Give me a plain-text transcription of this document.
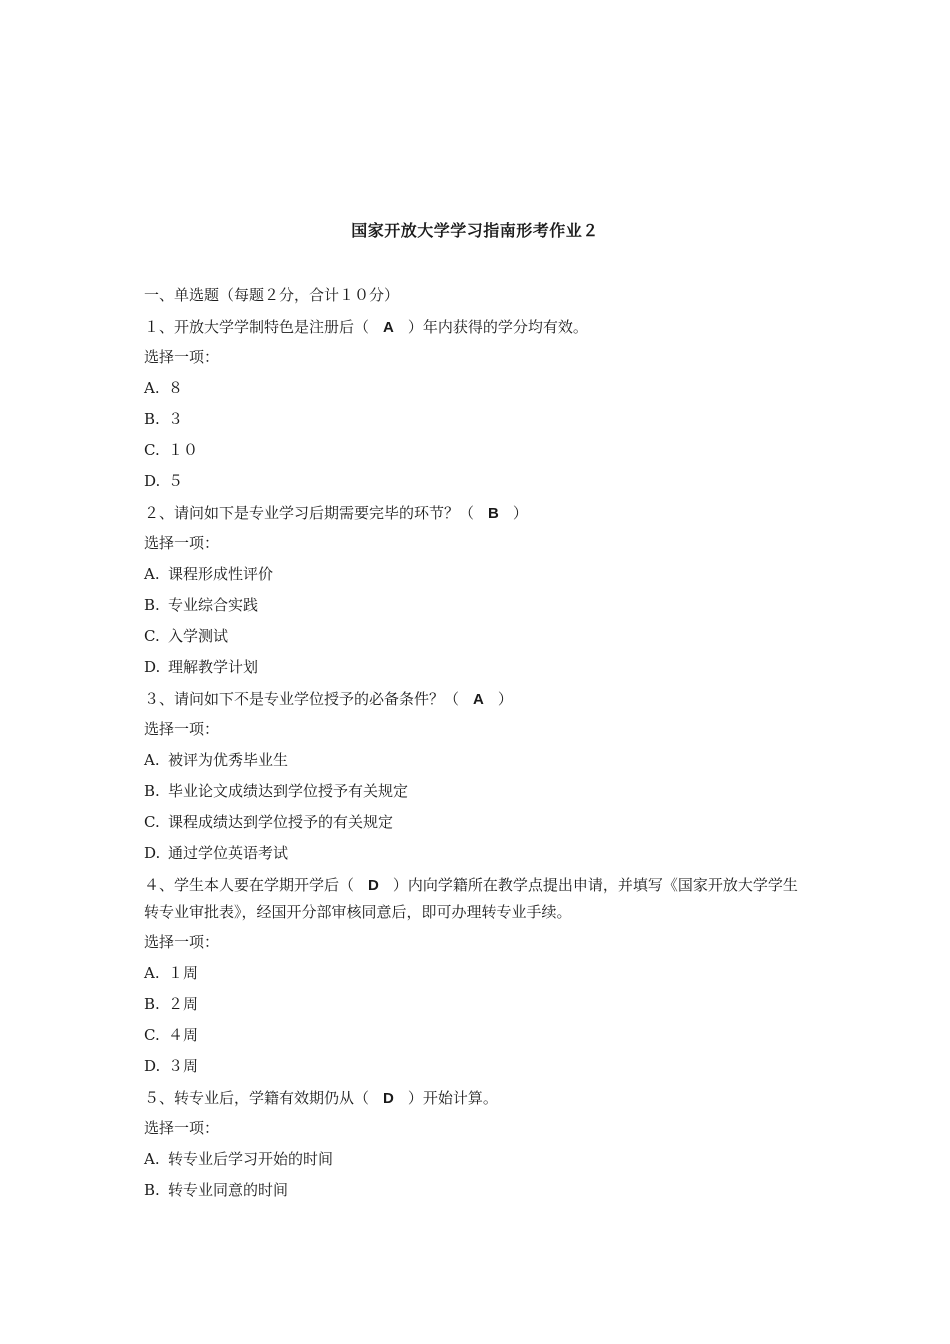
国家开放大学学习指南形考作业２
一、单选题（每题２分，合计１０分）
１、开放大学学制特色是注册后（ A ）年内获得的学分均有效。
选择一项：
A. ８
B. ３
C. １０
D. ５
２、请问如下是专业学习后期需要完毕的环节？（ B ）
选择一项：
A. 课程形成性评价
B. 专业综合实践
C. 入学测试
D. 理解教学计划
３、请问如下不是专业学位授予的必备条件？（ A ）
选择一项：
A. 被评为优秀毕业生
B. 毕业论文成绩达到学位授予有关规定
C. 课程成绩达到学位授予的有关规定
D. 通过学位英语考试
４、学生本人要在学期开学后（ D ）内向学籍所在教学点提出申请，并填写《国家开放大学学生转专业审批表》，经国开分部审核同意后，即可办理转专业手续。
选择一项：
A. １周
B. ２周
C. ４周
D. ３周
５、转专业后，学籍有效期仍从（ D ）开始计算。
选择一项：
A. 转专业后学习开始的时间
B. 转专业同意的时间
